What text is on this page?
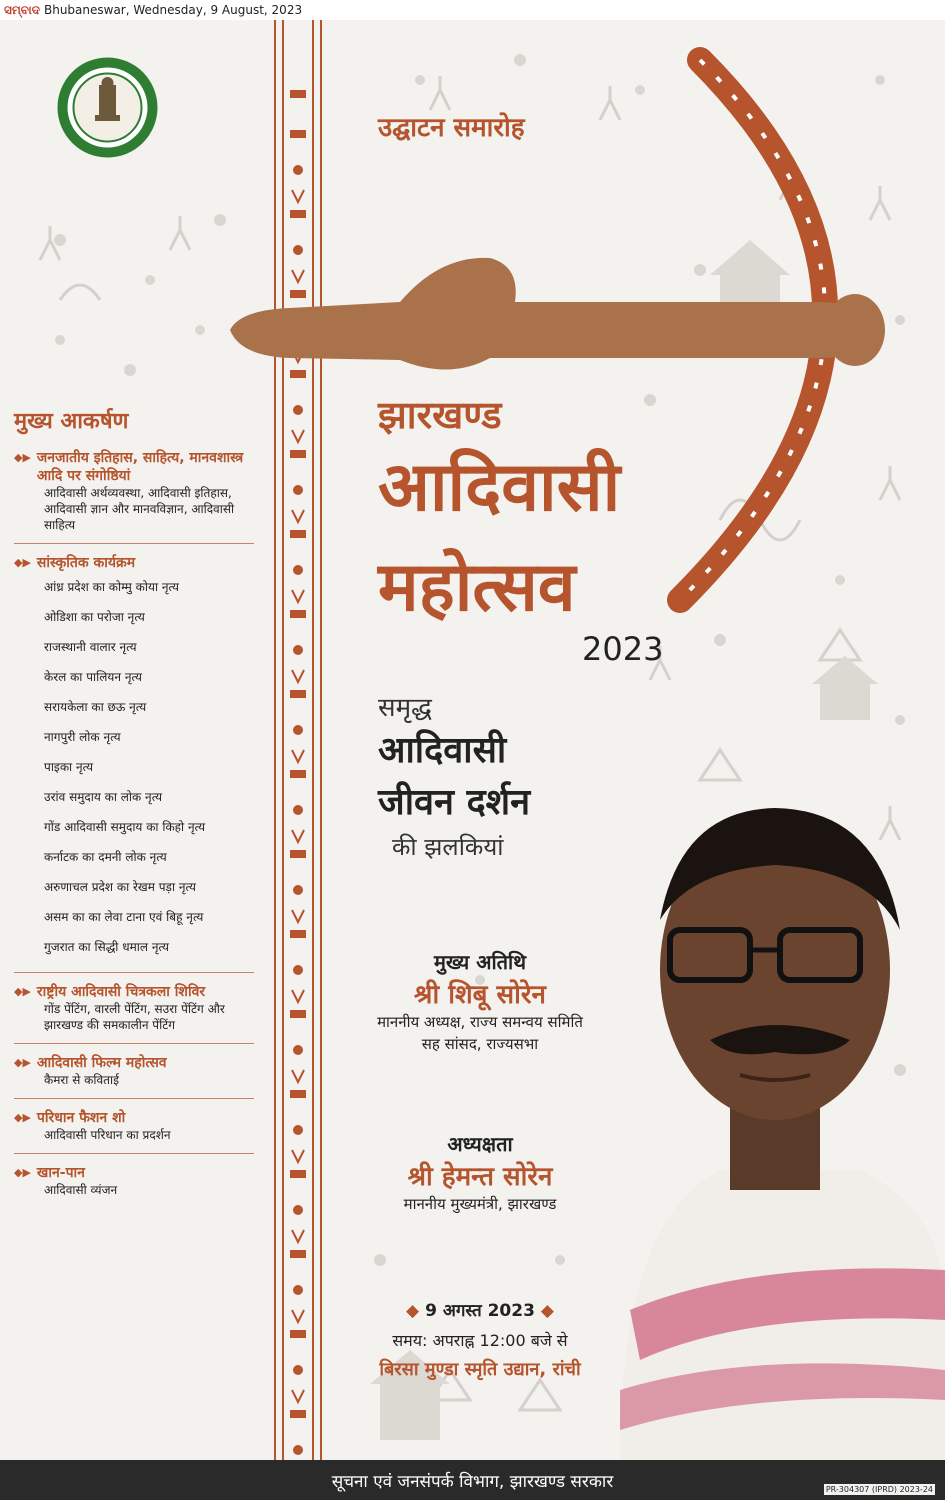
ସମ୍ବାଦ Bhubaneswar, Wednesday, 9 August, 2023
उद्घाटन समारोह
झारखण्ड
आदिवासी
महोत्सव
2023
समृद्ध
आदिवासी
जीवन दर्शन
की झलकियां
मुख्य आकर्षण
◆▶ जनजातीय इतिहास, साहित्य, मानवशास्त्र आदि पर संगोष्ठियां
आदिवासी अर्थव्यवस्था, आदिवासी इतिहास, आदिवासी ज्ञान और मानवविज्ञान, आदिवासी साहित्य
◆▶ सांस्कृतिक कार्यक्रम
आंध्र प्रदेश का कोम्मु कोया नृत्य
ओडिशा का परोजा नृत्य
राजस्थानी वालार नृत्य
केरल का पालियन नृत्य
सरायकेला का छऊ नृत्य
नागपुरी लोक नृत्य
पाइका नृत्य
उरांव समुदाय का लोक नृत्य
गोंड आदिवासी समुदाय का किहो नृत्य
कर्नाटक का दमनी लोक नृत्य
अरुणाचल प्रदेश का रेखम पड़ा नृत्य
असम का का लेवा टाना एवं बिहू नृत्य
गुजरात का सिद्धी धमाल नृत्य
◆▶ राष्ट्रीय आदिवासी चित्रकला शिविर
गोंड पेंटिंग, वारली पेंटिंग, सउरा पेंटिंग और झारखण्ड की समकालीन पेंटिंग
◆▶ आदिवासी फिल्म महोत्सव
कैमरा से कविताई
◆▶ परिधान फैशन शो
आदिवासी परिधान का प्रदर्शन
◆▶ खान-पान
आदिवासी व्यंजन
मुख्य अतिथि
श्री शिबू सोरेन
माननीय अध्यक्ष, राज्य समन्वय समिति
सह सांसद, राज्यसभा
अध्यक्षता
श्री हेमन्त सोरेन
माननीय मुख्यमंत्री, झारखण्ड
◆ 9 अगस्त 2023 ◆
समय: अपराह्न 12:00 बजे से
बिरसा मुण्डा स्मृति उद्यान, रांची
सूचना एवं जनसंपर्क विभाग, झारखण्ड सरकार	PR-304307 (IPRD) 2023-24
